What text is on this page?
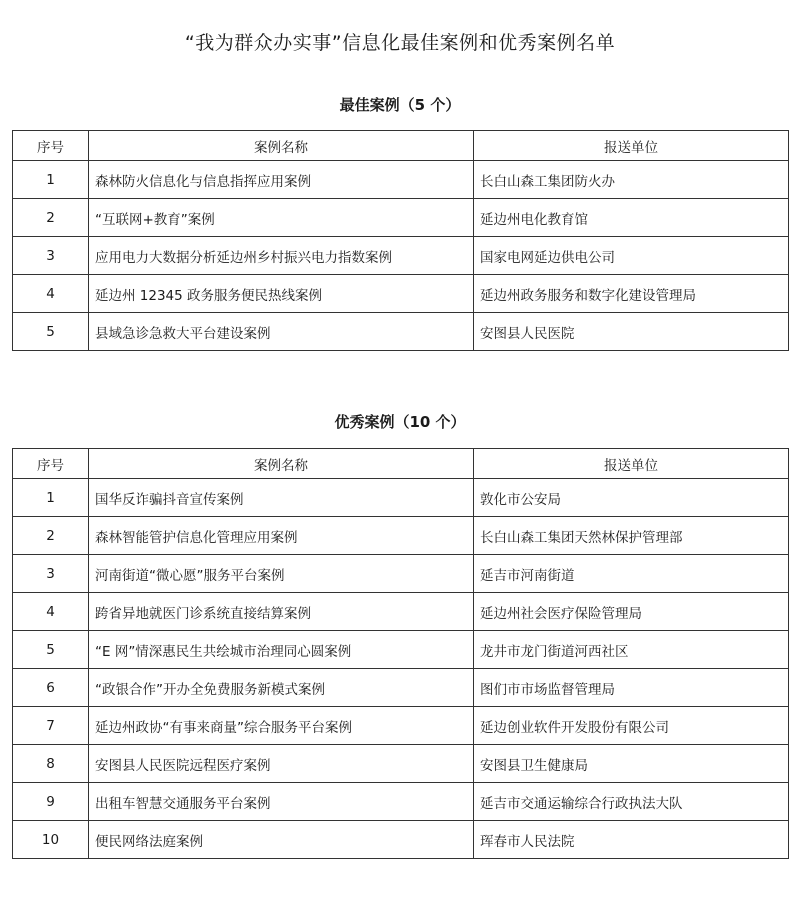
“我为群众办实事”信息化最佳案例和优秀案例名单
最佳案例（5 个）
序号	案例名称	报送单位
1	森林防火信息化与信息指挥应用案例	长白山森工集团防火办
2	“互联网+教育”案例	延边州电化教育馆
3	应用电力大数据分析延边州乡村振兴电力指数案例	国家电网延边供电公司
4	延边州 12345 政务服务便民热线案例	延边州政务服务和数字化建设管理局
5	县域急诊急救大平台建设案例	安图县人民医院
优秀案例（10 个）
序号	案例名称	报送单位
1	国华反诈骗抖音宣传案例	敦化市公安局
2	森林智能管护信息化管理应用案例	长白山森工集团天然林保护管理部
3	河南街道“微心愿”服务平台案例	延吉市河南街道
4	跨省异地就医门诊系统直接结算案例	延边州社会医疗保险管理局
5	“E 网”情深惠民生共绘城市治理同心圆案例	龙井市龙门街道河西社区
6	“政银合作”开办全免费服务新模式案例	图们市市场监督管理局
7	延边州政协“有事来商量”综合服务平台案例	延边创业软件开发股份有限公司
8	安图县人民医院远程医疗案例	安图县卫生健康局
9	出租车智慧交通服务平台案例	延吉市交通运输综合行政执法大队
10	便民网络法庭案例	珲春市人民法院
